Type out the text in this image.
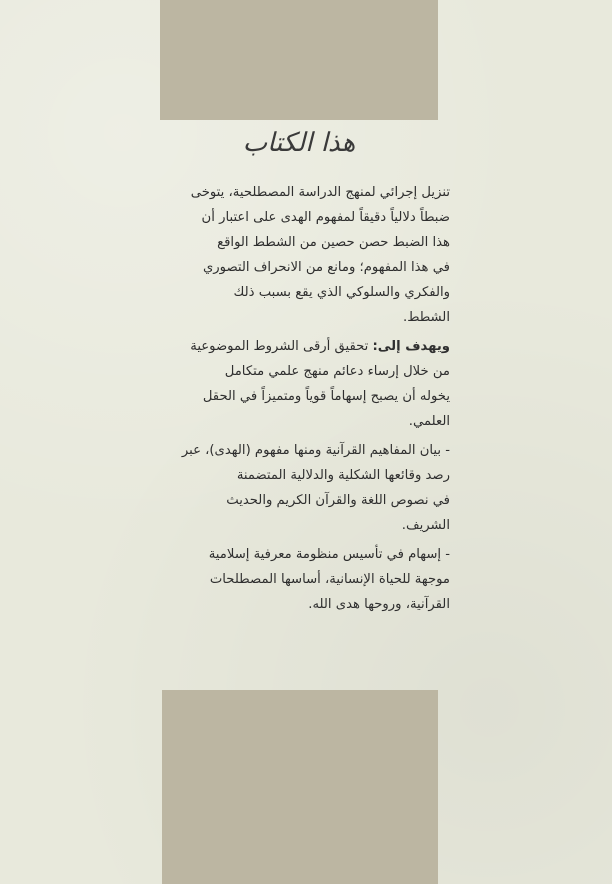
هذا الكتاب
تنزيل إجرائي لمنهج الدراسة المصطلحية، يتوخى
ضبطاً دلالياً دقيقاً لمفهوم الهدى على اعتبار أن
هذا الضبط حصن حصين من الشطط الواقع
في هذا المفهوم؛ ومانع من الانحراف التصوري
والفكري والسلوكي الذي يقع بسبب ذلك
الشطط.
ويهدف إلى: تحقيق أرقى الشروط الموضوعية
من خلال إرساء دعائم منهج علمي متكامل
يخوله أن يصبح إسهاماً قوياً ومتميزاً في الحقل
العلمي.
- بيان المفاهيم القرآنية ومنها مفهوم (الهدى)، عبر
رصد وقائعها الشكلية والدلالية المتضمنة
في نصوص اللغة والقرآن الكريم والحديث
الشريف.
- إسهام في تأسيس منظومة معرفية إسلامية
موجهة للحياة الإنسانية، أساسها المصطلحات
القرآنية، وروحها هدى الله.
